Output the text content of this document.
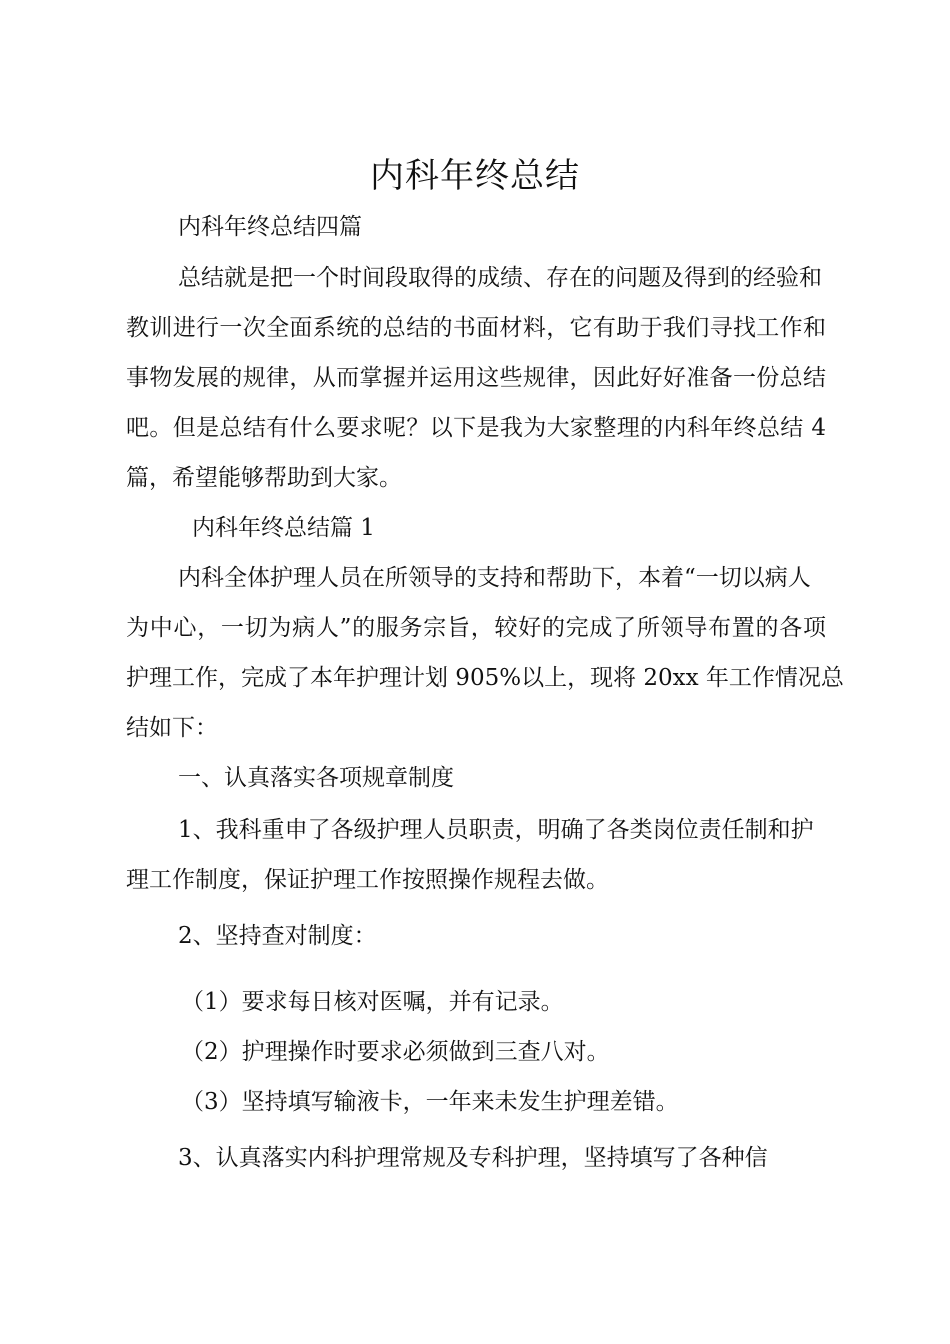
内科年终总结

内科年终总结四篇

总结就是把一个时间段取得的成绩、存在的问题及得到的经验和

教训进行一次全面系统的总结的书面材料，它有助于我们寻找工作和

事物发展的规律，从而掌握并运用这些规律，因此好好准备一份总结

吧。但是总结有什么要求呢？以下是我为大家整理的内科年终总结 4

篇，希望能够帮助到大家。

内科年终总结篇 1

内科全体护理人员在所领导的支持和帮助下，本着“一切以病人

为中心，一切为病人”的服务宗旨，较好的完成了所领导布置的各项

护理工作，完成了本年护理计划 905%以上，现将 20xx 年工作情况总

结如下：

一、认真落实各项规章制度

1、我科重申了各级护理人员职责，明确了各类岗位责任制和护

理工作制度，保证护理工作按照操作规程去做。

2、坚持查对制度：

（1）要求每日核对医嘱，并有记录。

（2）护理操作时要求必须做到三查八对。

（3）坚持填写输液卡，一年来未发生护理差错。

3、认真落实内科护理常规及专科护理，坚持填写了各种信
